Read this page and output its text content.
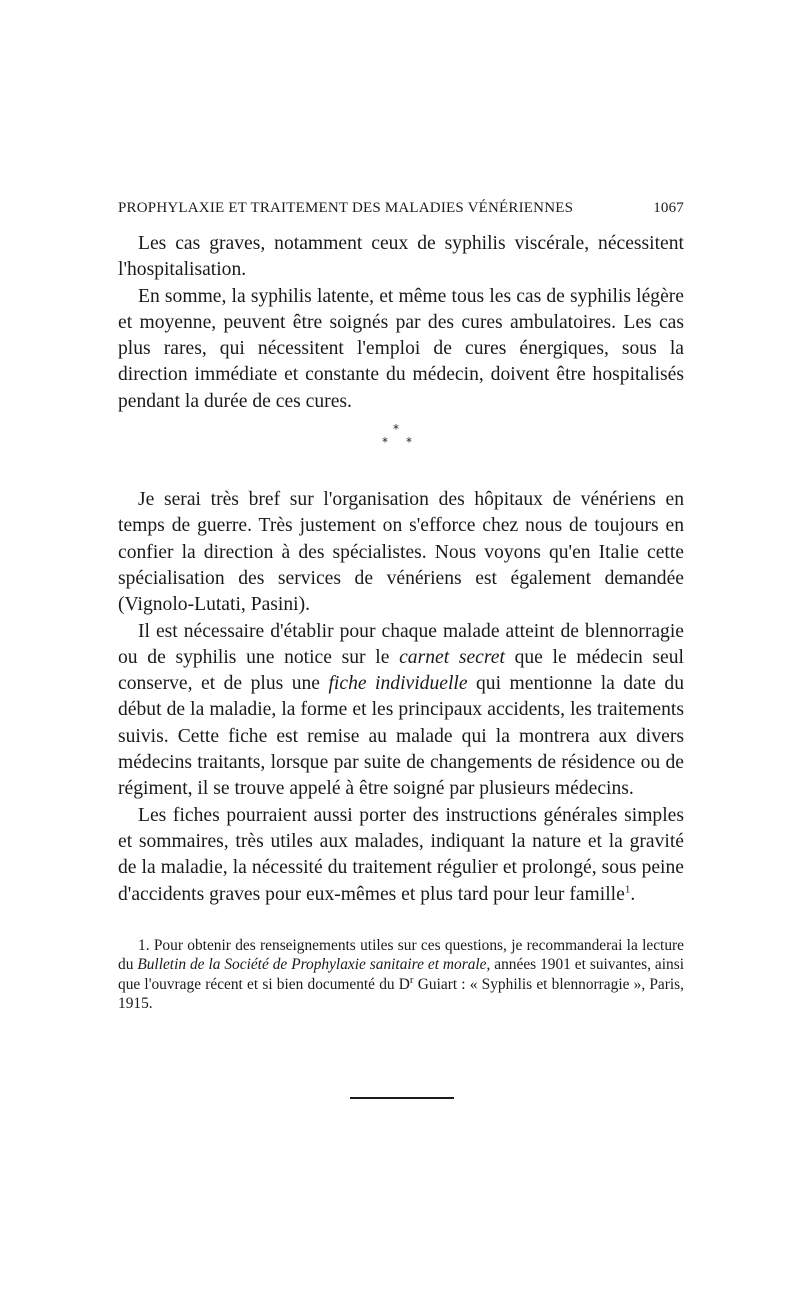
PROPHYLAXIE ET TRAITEMENT DES MALADIES VÉNÉRIENNES	1067

Les cas graves, notamment ceux de syphilis viscérale, nécessitent l'hospitalisation.

En somme, la syphilis latente, et même tous les cas de syphilis légère et moyenne, peuvent être soignés par des cures ambulatoires. Les cas plus rares, qui nécessitent l'emploi de cures énergiques, sous la direction immédiate et constante du médecin, doivent être hospitalisés pendant la durée de ces cures.

*
* *

Je serai très bref sur l'organisation des hôpitaux de vénériens en temps de guerre. Très justement on s'efforce chez nous de toujours en confier la direction à des spécialistes. Nous voyons qu'en Italie cette spécialisation des services de vénériens est également demandée (Vignolo-Lutati, Pasini).

Il est nécessaire d'établir pour chaque malade atteint de blennorragie ou de syphilis une notice sur le carnet secret que le médecin seul conserve, et de plus une fiche individuelle qui mentionne la date du début de la maladie, la forme et les principaux accidents, les traitements suivis. Cette fiche est remise au malade qui la montrera aux divers médecins traitants, lorsque par suite de changements de résidence ou de régiment, il se trouve appelé à être soigné par plusieurs médecins.

Les fiches pourraient aussi porter des instructions générales simples et sommaires, très utiles aux malades, indiquant la nature et la gravité de la maladie, la nécessité du traitement régulier et prolongé, sous peine d'accidents graves pour eux-mêmes et plus tard pour leur famille$^1$.

1. Pour obtenir des renseignements utiles sur ces questions, je recommanderai la lecture du Bulletin de la Société de Prophylaxie sanitaire et morale, années 1901 et suivantes, ainsi que l'ouvrage récent et si bien documenté du $D^r$ Guiart : « Syphilis et blennorragie », Paris, 1915.
